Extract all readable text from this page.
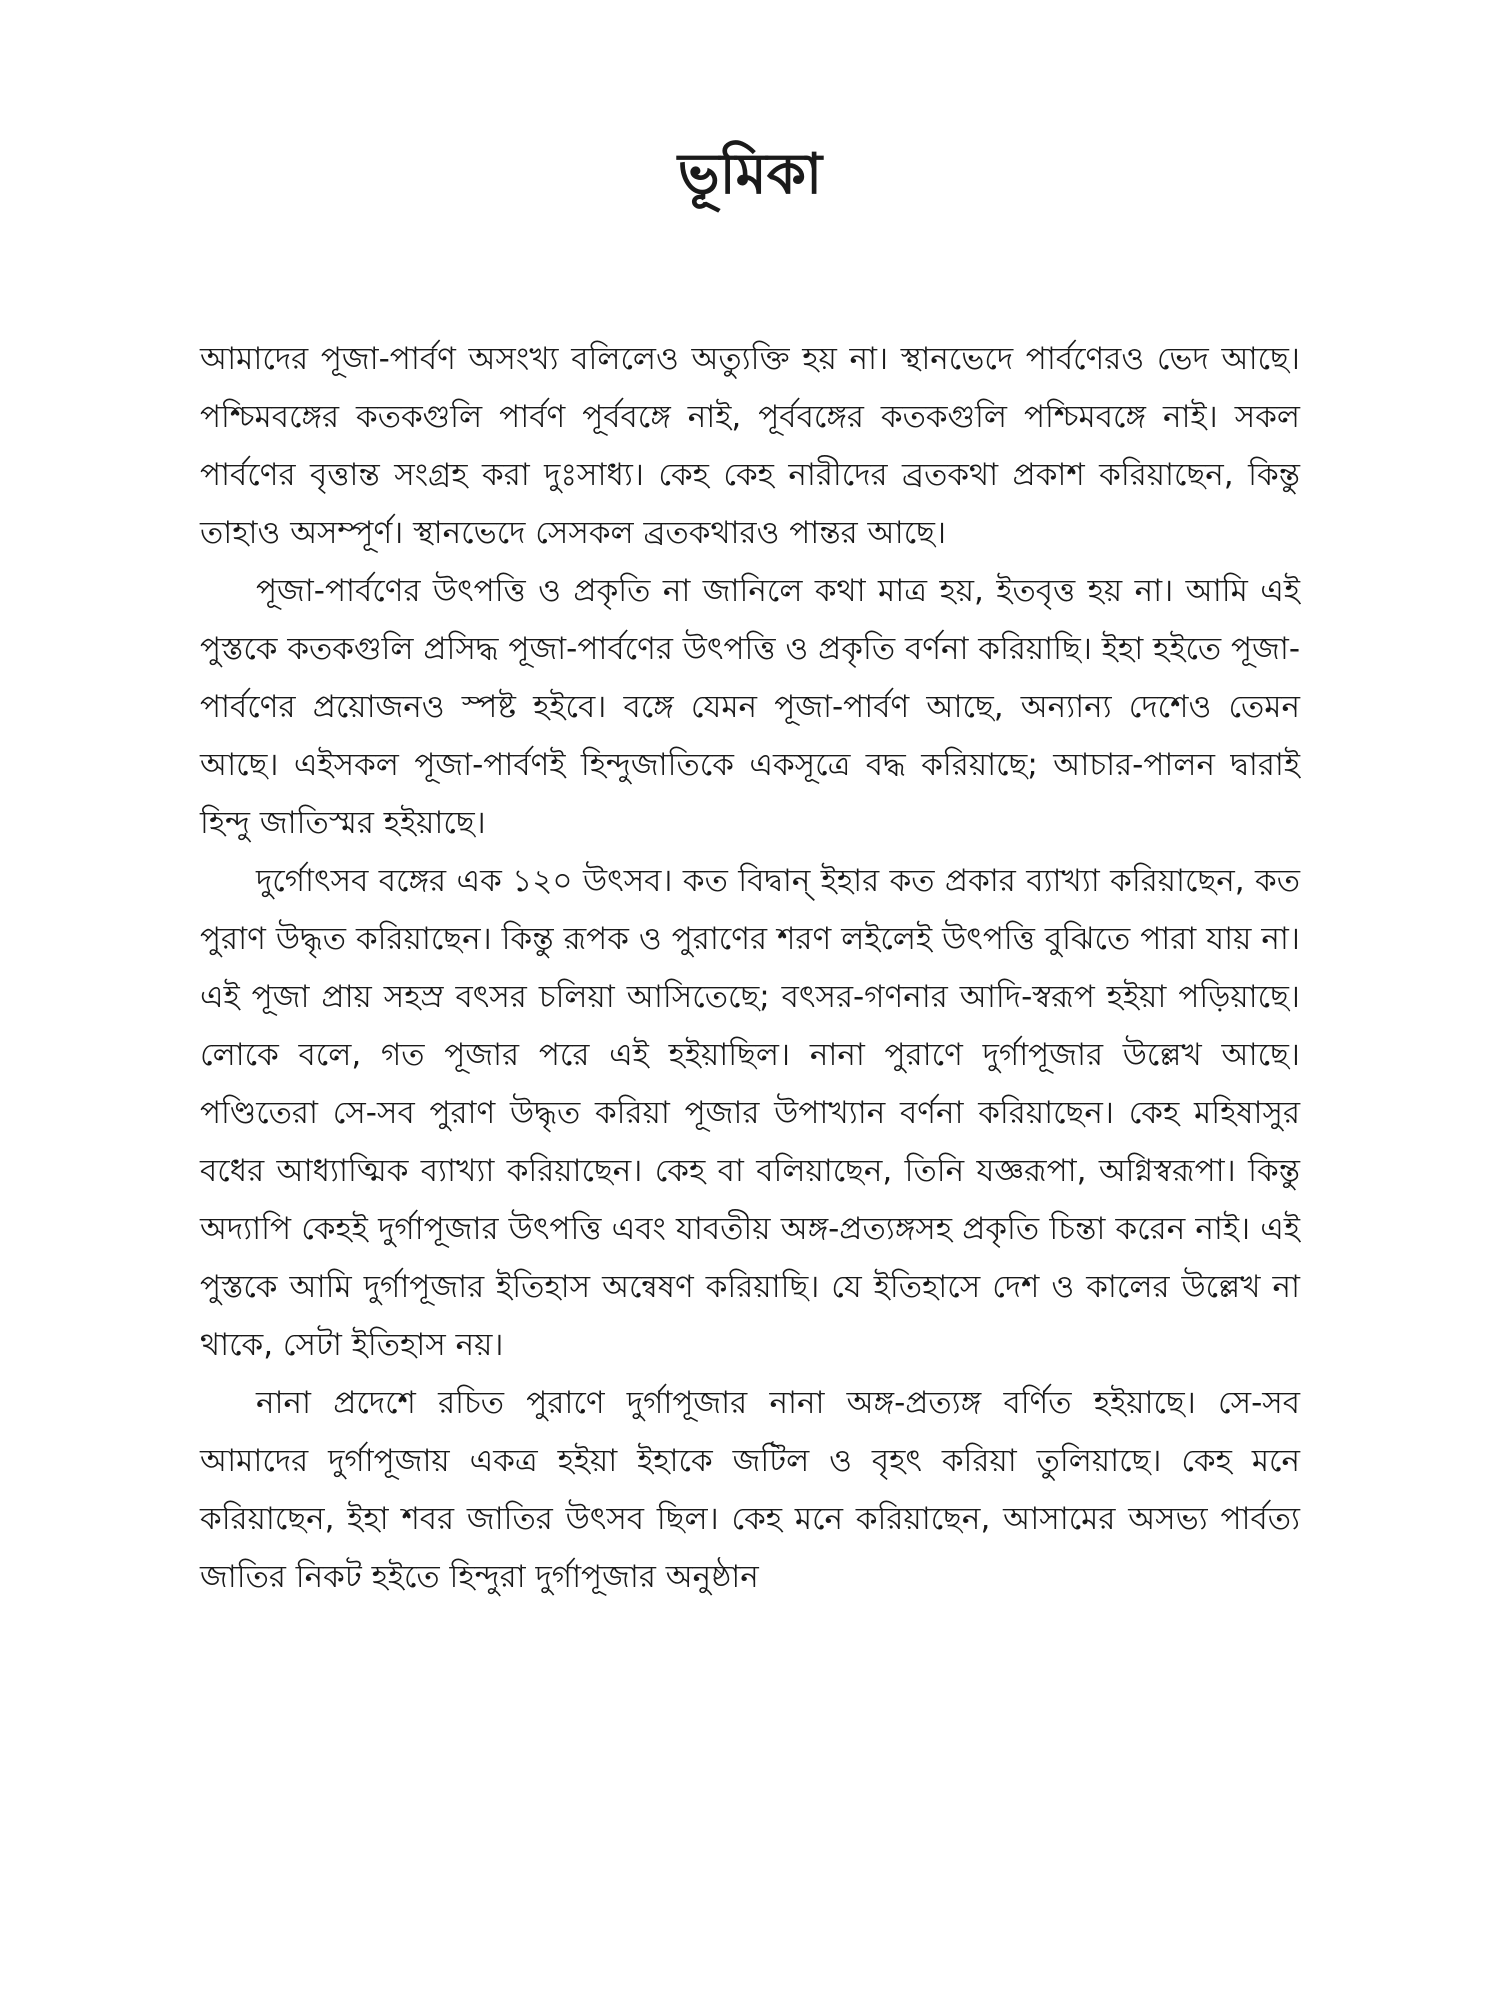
ভূমিকা

আমাদের পূজা-পার্বণ অসংখ্য বলিলেও অত্যুক্তি হয় না। স্থানভেদে পার্বণেরও ভেদ আছে। পশ্চিমবঙ্গের কতকগুলি পার্বণ পূর্ববঙ্গে নাই, পূর্ববঙ্গের কতকগুলি পশ্চিমবঙ্গে নাই। সকল পার্বণের বৃত্তান্ত সংগ্রহ করা দুঃসাধ্য। কেহ কেহ নারীদের ব্রতকথা প্রকাশ করিয়াছেন, কিন্তু তাহাও অসম্পূর্ণ। স্থানভেদে সেসকল ব্রতকথারও পান্তর আছে।

পূজা-পার্বণের উৎপত্তি ও প্রকৃতি না জানিলে কথা মাত্র হয়, ইতবৃত্ত হয় না। আমি এই পুস্তকে কতকগুলি প্রসিদ্ধ পূজা-পার্বণের উৎপত্তি ও প্রকৃতি বর্ণনা করিয়াছি। ইহা হইতে পূজা-পার্বণের প্রয়োজনও স্পষ্ট হইবে। বঙ্গে যেমন পূজা-পার্বণ আছে, অন্যান্য দেশেও তেমন আছে। এইসকল পূজা-পার্বণই হিন্দুজাতিকে একসূত্রে বদ্ধ করিয়াছে; আচার-পালন দ্বারাই হিন্দু জাতিস্মর হইয়াছে।

দুর্গোৎসব বঙ্গের এক ১২০ উৎসব। কত বিদ্বান্ ইহার কত প্রকার ব্যাখ্যা করিয়াছেন, কত পুরাণ উদ্ধৃত করিয়াছেন। কিন্তু রূপক ও পুরাণের শরণ লইলেই উৎপত্তি বুঝিতে পারা যায় না। এই পূজা প্রায় সহস্র বৎসর চলিয়া আসিতেছে; বৎসর-গণনার আদি-স্বরূপ হইয়া পড়িয়াছে। লোকে বলে, গত পূজার পরে এই হইয়াছিল। নানা পুরাণে দুর্গাপূজার উল্লেখ আছে। পণ্ডিতেরা সে-সব পুরাণ উদ্ধৃত করিয়া পূজার উপাখ্যান বর্ণনা করিয়াছেন। কেহ মহিষাসুর বধের আধ্যাত্মিক ব্যাখ্যা করিয়াছেন। কেহ বা বলিয়াছেন, তিনি যজ্ঞরূপা, অগ্নিস্বরূপা। কিন্তু অদ্যাপি কেহই দুর্গাপূজার উৎপত্তি এবং যাবতীয় অঙ্গ-প্রত্যঙ্গসহ প্রকৃতি চিন্তা করেন নাই। এই পুস্তকে আমি দুর্গাপূজার ইতিহাস অন্বেষণ করিয়াছি। যে ইতিহাসে দেশ ও কালের উল্লেখ না থাকে, সেটা ইতিহাস নয়।

নানা প্রদেশে রচিত পুরাণে দুর্গাপূজার নানা অঙ্গ-প্রত্যঙ্গ বর্ণিত হইয়াছে। সে-সব আমাদের দুর্গাপূজায় একত্র হইয়া ইহাকে জটিল ও বৃহৎ করিয়া তুলিয়াছে। কেহ মনে করিয়াছেন, ইহা শবর জাতির উৎসব ছিল। কেহ মনে করিয়াছেন, আসামের অসভ্য পার্বত্য জাতির নিকট হইতে হিন্দুরা দুর্গাপূজার অনুষ্ঠান
